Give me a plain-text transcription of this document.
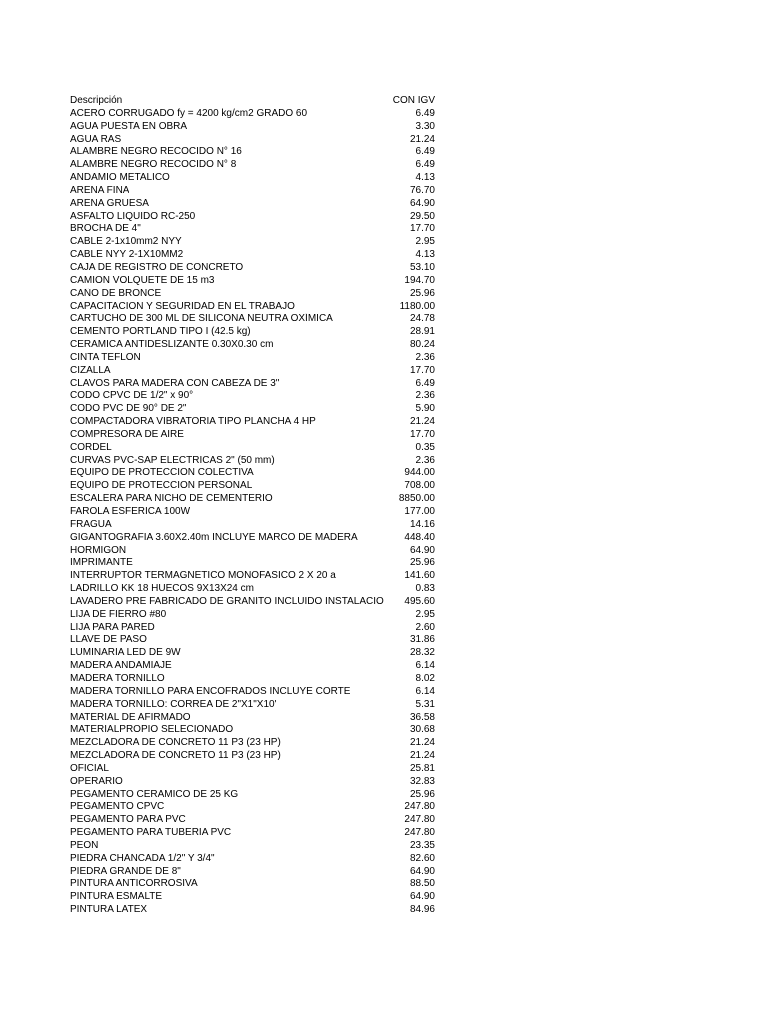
Descripción	CON IGV
ACERO CORRUGADO fy = 4200 kg/cm2 GRADO 60	6.49
AGUA PUESTA EN OBRA	3.30
AGUA RAS	21.24
ALAMBRE NEGRO RECOCIDO N° 16	6.49
ALAMBRE NEGRO RECOCIDO N° 8	6.49
ANDAMIO METALICO	4.13
ARENA FINA	76.70
ARENA GRUESA	64.90
ASFALTO LIQUIDO RC-250	29.50
BROCHA DE 4"	17.70
CABLE 2-1x10mm2 NYY	2.95
CABLE NYY 2-1X10MM2	4.13
CAJA DE REGISTRO DE CONCRETO	53.10
CAMION VOLQUETE DE 15 m3	194.70
CAÑO DE BRONCE	25.96
CAPACITACION Y SEGURIDAD EN EL TRABAJO	1180.00
CARTUCHO DE 300 ML DE SILICONA NEUTRA OXÍMICA	24.78
CEMENTO PORTLAND TIPO I (42.5 kg)	28.91
CERAMICA ANTIDESLIZANTE 0.30X0.30 cm	80.24
CINTA TEFLON	2.36
CIZALLA	17.70
CLAVOS PARA MADERA CON CABEZA DE 3"	6.49
CODO CPVC DE 1/2" x 90°	2.36
CODO PVC DE 90° DE 2"	5.90
COMPACTADORA VIBRATORIA TIPO PLANCHA 4 HP	21.24
COMPRESORA DE AIRE	17.70
CORDEL	0.35
CURVAS PVC-SAP ELECTRICAS 2" (50 mm)	2.36
EQUIPO DE PROTECCION COLECTIVA	944.00
EQUIPO DE PROTECCION PERSONAL	708.00
ESCALERA PARA NICHO DE CEMENTERIO	8850.00
FAROLA ESFERICA 100W	177.00
FRAGUA	14.16
GIGANTOGRAFIA 3.60X2.40m INCLUYE MARCO DE MADERA	448.40
HORMIGON	64.90
IMPRIMANTE	25.96
INTERRUPTOR TERMAGNETICO MONOFASICO 2 X 20 a	141.60
LADRILLO KK 18 HUECOS 9X13X24 cm	0.83
LAVADERO PRE FABRICADO DE GRANITO INCLUIDO INSTALACIO	495.60
LIJA DE FIERRO #80	2.95
LIJA PARA PARED	2.60
LLAVE DE PASO	31.86
LUMINARIA LED DE 9W	28.32
MADERA ANDAMIAJE	6.14
MADERA TORNILLO	8.02
MADERA TORNILLO PARA ENCOFRADOS INCLUYE CORTE	6.14
MADERA TORNILLO: CORREA DE 2"X1"X10'	5.31
MATERIAL DE AFIRMADO	36.58
MATERIALPROPIO SELECIONADO	30.68
MEZCLADORA DE CONCRETO 11 P3 (23 HP)	21.24
MEZCLADORA DE CONCRETO 11 P3 (23 HP)	21.24
OFICIAL	25.81
OPERARIO	32.83
PEGAMENTO CERAMICO DE 25 KG	25.96
PEGAMENTO CPVC	247.80
PEGAMENTO PARA PVC	247.80
PEGAMENTO PARA TUBERIA PVC	247.80
PEON	23.35
PIEDRA CHANCADA 1/2" Y 3/4"	82.60
PIEDRA GRANDE DE 8"	64.90
PINTURA ANTICORROSIVA	88.50
PINTURA ESMALTE	64.90
PINTURA LATEX	84.96
